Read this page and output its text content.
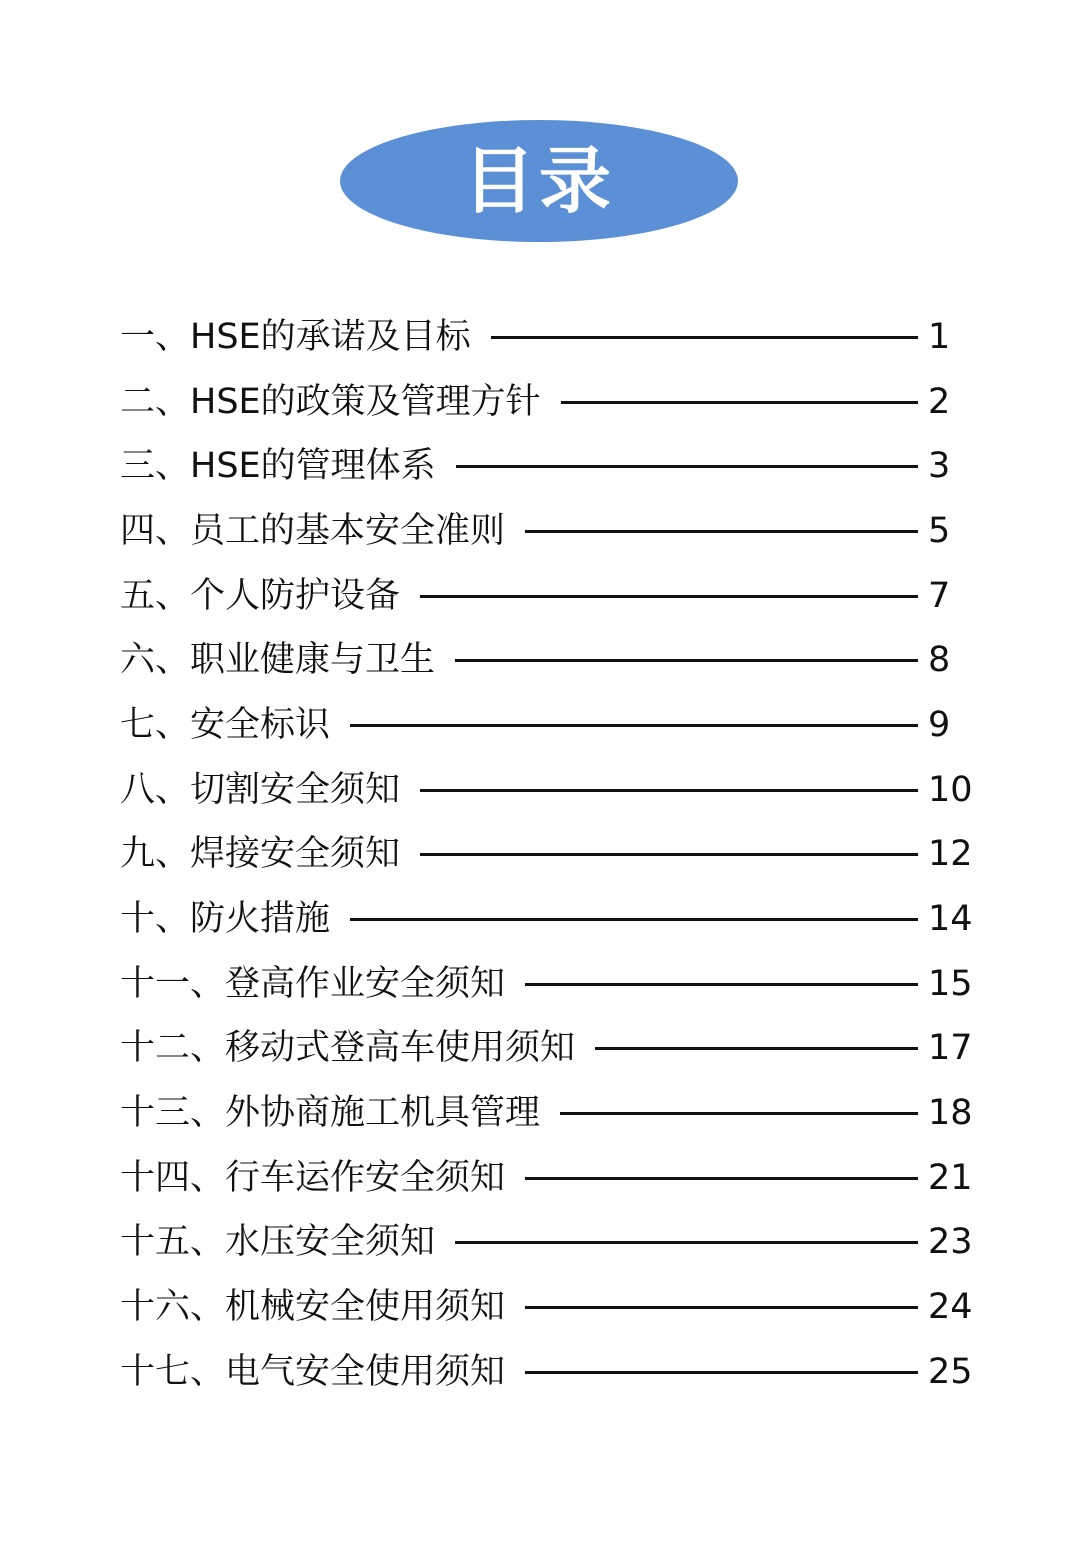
目录
一、HSE的承诺及目标	1
二、HSE的政策及管理方针	2
三、HSE的管理体系	3
四、员工的基本安全准则	5
五、个人防护设备	7
六、职业健康与卫生	8
七、安全标识	9
八、切割安全须知	10
九、焊接安全须知	12
十、防火措施	14
十一、登高作业安全须知	15
十二、移动式登高车使用须知	17
十三、外协商施工机具管理	18
十四、行车运作安全须知	21
十五、水压安全须知	23
十六、机械安全使用须知	24
十七、电气安全使用须知	25
